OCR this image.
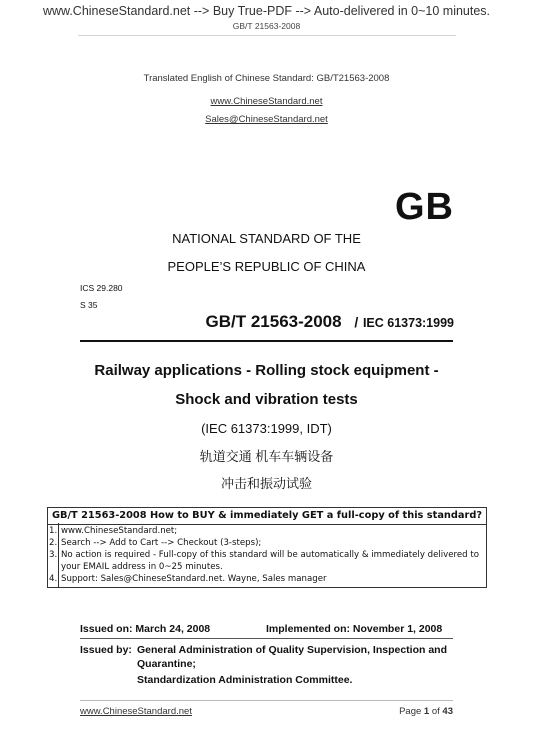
www.ChineseStandard.net --> Buy True-PDF --> Auto-delivered in 0~10 minutes.
GB/T 21563-2008
Translated English of Chinese Standard: GB/T21563-2008
www.ChineseStandard.net
Sales@ChineseStandard.net
GB
NATIONAL STANDARD OF THE
PEOPLE’S REPUBLIC OF CHINA
ICS 29.280
S 35
GB/T 21563-2008 / IEC 61373:1999
Railway applications - Rolling stock equipment -
Shock and vibration tests
(IEC 61373:1999, IDT)
轨道交通 机车车辆设备
冲击和振动试验
GB/T 21563-2008 How to BUY & immediately GET a full-copy of this standard?
1. www.ChineseStandard.net;
2. Search --> Add to Cart --> Checkout (3-steps);
3. No action is required - Full-copy of this standard will be automatically & immediately delivered to your EMAIL address in 0~25 minutes.
4. Support: Sales@ChineseStandard.net. Wayne, Sales manager
Issued on: March 24, 2008	Implemented on: November 1, 2008
Issued by: General Administration of Quality Supervision, Inspection and
Quarantine;
Standardization Administration Committee.
www.ChineseStandard.net	Page 1 of 43
